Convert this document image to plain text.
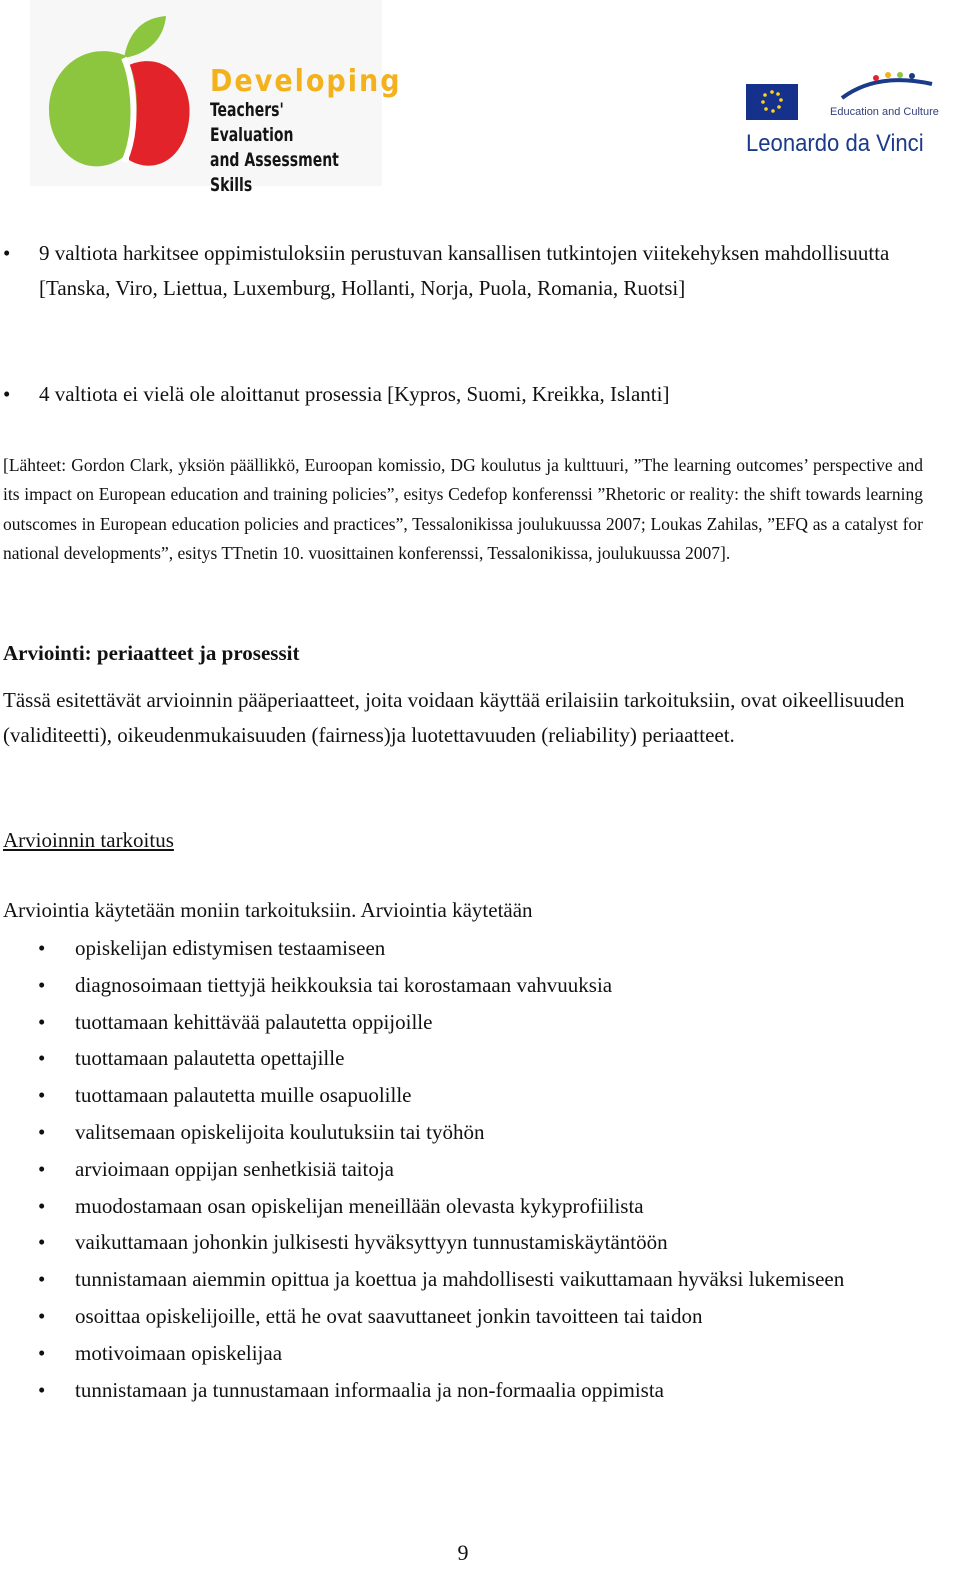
Developing
Teachers' Evaluation
and Assessment Skills
Education and Culture
Leonardo da Vinci
• 9 valtiota harkitsee oppimistuloksiin perustuvan kansallisen tutkintojen viitekehyksen mahdollisuutta [Tanska, Viro, Liettua, Luxemburg, Hollanti, Norja, Puola, Romania, Ruotsi]

• 4 valtiota ei vielä ole aloittanut prosessia [Kypros, Suomi, Kreikka, Islanti]

[Lähteet: Gordon Clark, yksiön päällikkö, Euroopan komissio, DG koulutus ja kulttuuri, ”The learning outcomes’ perspective and its impact on European education and training policies”, esitys Cedefop konferenssi ”Rhetoric or reality: the shift towards learning outscomes in European education policies and practices”, Tessalonikissa joulukuussa 2007; Loukas Zahilas, ”EFQ as a catalyst for national developments”, esitys TTnetin 10. vuosittainen konferenssi, Tessalonikissa, joulukuussa 2007].

Arviointi: periaatteet ja prosessit

Tässä esitettävät arvioinnin pääperiaatteet, joita voidaan käyttää erilaisiin tarkoituksiin, ovat oikeellisuuden (validiteetti), oikeudenmukaisuuden (fairness)ja luotettavuuden (reliability) periaatteet.

Arvioinnin tarkoitus

Arviointia käytetään moniin tarkoituksiin. Arviointia käytetään

• opiskelijan edistymisen testaamiseen
• diagnosoimaan tiettyjä heikkouksia tai korostamaan vahvuuksia
• tuottamaan kehittävää palautetta oppijoille
• tuottamaan palautetta opettajille
• tuottamaan palautetta muille osapuolille
• valitsemaan opiskelijoita koulutuksiin tai työhön
• arvioimaan oppijan senhetkisiä taitoja
• muodostamaan osan opiskelijan meneillään olevasta kykyprofiilista
• vaikuttamaan johonkin julkisesti hyväksyttyyn tunnustamiskäytäntöön
• tunnistamaan aiemmin opittua ja koettua ja mahdollisesti vaikuttamaan hyväksi lukemiseen
• osoittaa opiskelijoille, että he ovat saavuttaneet jonkin tavoitteen tai taidon
• motivoimaan opiskelijaa
• tunnistamaan ja tunnustamaan informaalia ja non-formaalia oppimista
9
